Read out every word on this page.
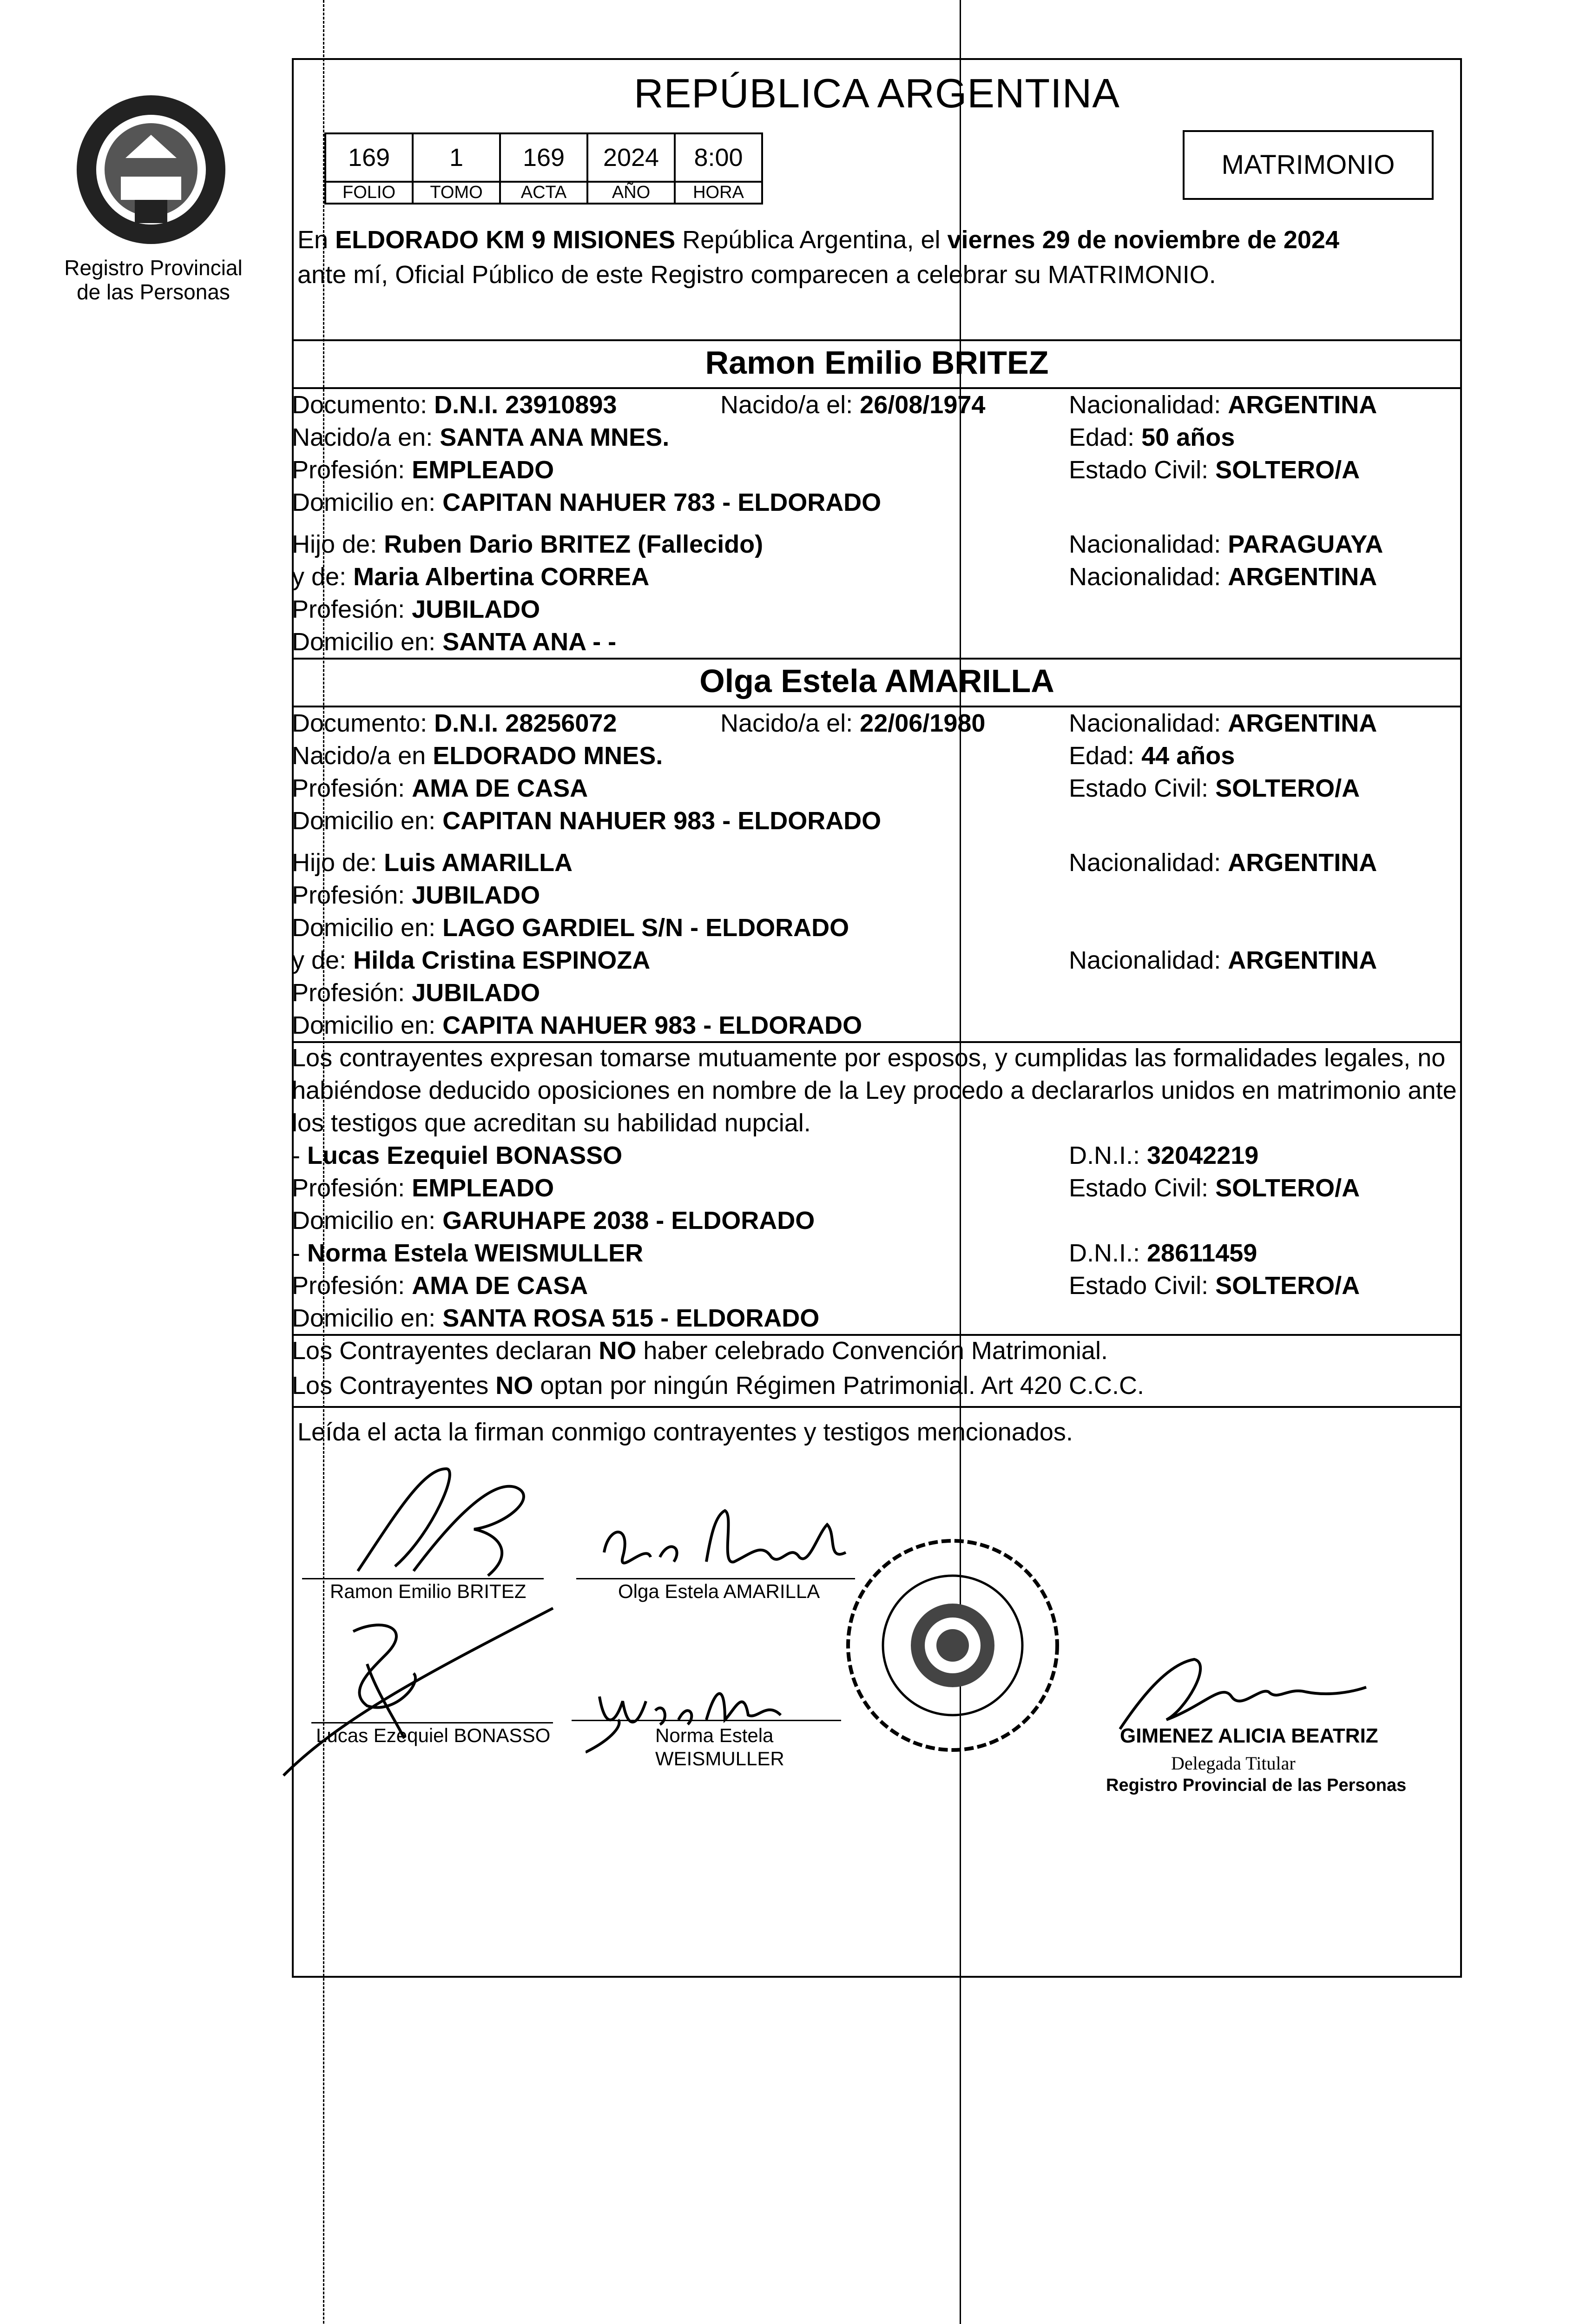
Registro Provincial
de las Personas
REPÚBLICA ARGENTINA
169	1	169	2024	8:00
FOLIO	TOMO	ACTA	AÑO	HORA
MATRIMONIO
En ELDORADO KM 9 MISIONES República Argentina, el viernes 29 de noviembre de 2024
ante mí, Oficial Público de este Registro comparecen a celebrar su MATRIMONIO.
Ramon Emilio BRITEZ
Documento: D.N.I. 23910893	Nacido/a el: 26/08/1974	Nacionalidad: ARGENTINA
Nacido/a en: SANTA ANA MNES.	Edad: 50 años
Profesión: EMPLEADO	Estado Civil: SOLTERO/A
Domicilio en: CAPITAN NAHUER 783 - ELDORADO
Hijo de: Ruben Dario BRITEZ (Fallecido)	Nacionalidad: PARAGUAYA
y de: Maria Albertina CORREA	Nacionalidad: ARGENTINA
Profesión: JUBILADO
Domicilio en: SANTA ANA - -
Olga Estela AMARILLA
Documento: D.N.I. 28256072	Nacido/a el: 22/06/1980	Nacionalidad: ARGENTINA
Nacido/a en ELDORADO MNES.	Edad: 44 años
Profesión: AMA DE CASA	Estado Civil: SOLTERO/A
Domicilio en: CAPITAN NAHUER 983 - ELDORADO
Hijo de: Luis AMARILLA	Nacionalidad: ARGENTINA
Profesión: JUBILADO
Domicilio en: LAGO GARDIEL S/N - ELDORADO
y de: Hilda Cristina ESPINOZA	Nacionalidad: ARGENTINA
Profesión: JUBILADO
Domicilio en: CAPITA NAHUER 983 - ELDORADO
Los contrayentes expresan tomarse mutuamente por esposos, y cumplidas las formalidades legales, no
habiéndose deducido oposiciones en nombre de la Ley procedo a declararlos unidos en matrimonio ante
los testigos que acreditan su habilidad nupcial.
- Lucas Ezequiel BONASSO	D.N.I.: 32042219
Profesión: EMPLEADO	Estado Civil: SOLTERO/A
Domicilio en: GARUHAPE 2038 - ELDORADO
- Norma Estela WEISMULLER	D.N.I.: 28611459
Profesión: AMA DE CASA	Estado Civil: SOLTERO/A
Domicilio en: SANTA ROSA 515 - ELDORADO
Los Contrayentes declaran NO haber celebrado Convención Matrimonial.
Los Contrayentes NO optan por ningún Régimen Patrimonial. Art 420 C.C.C.
Leída el acta la firman conmigo contrayentes y testigos mencionados.
Ramon Emilio BRITEZ	Olga Estela AMARILLA
Lucas Ezequiel BONASSO	Norma Estela
WEISMULLER
GIMENEZ ALICIA BEATRIZ
Delegada Titular
Registro Provincial de las Personas
